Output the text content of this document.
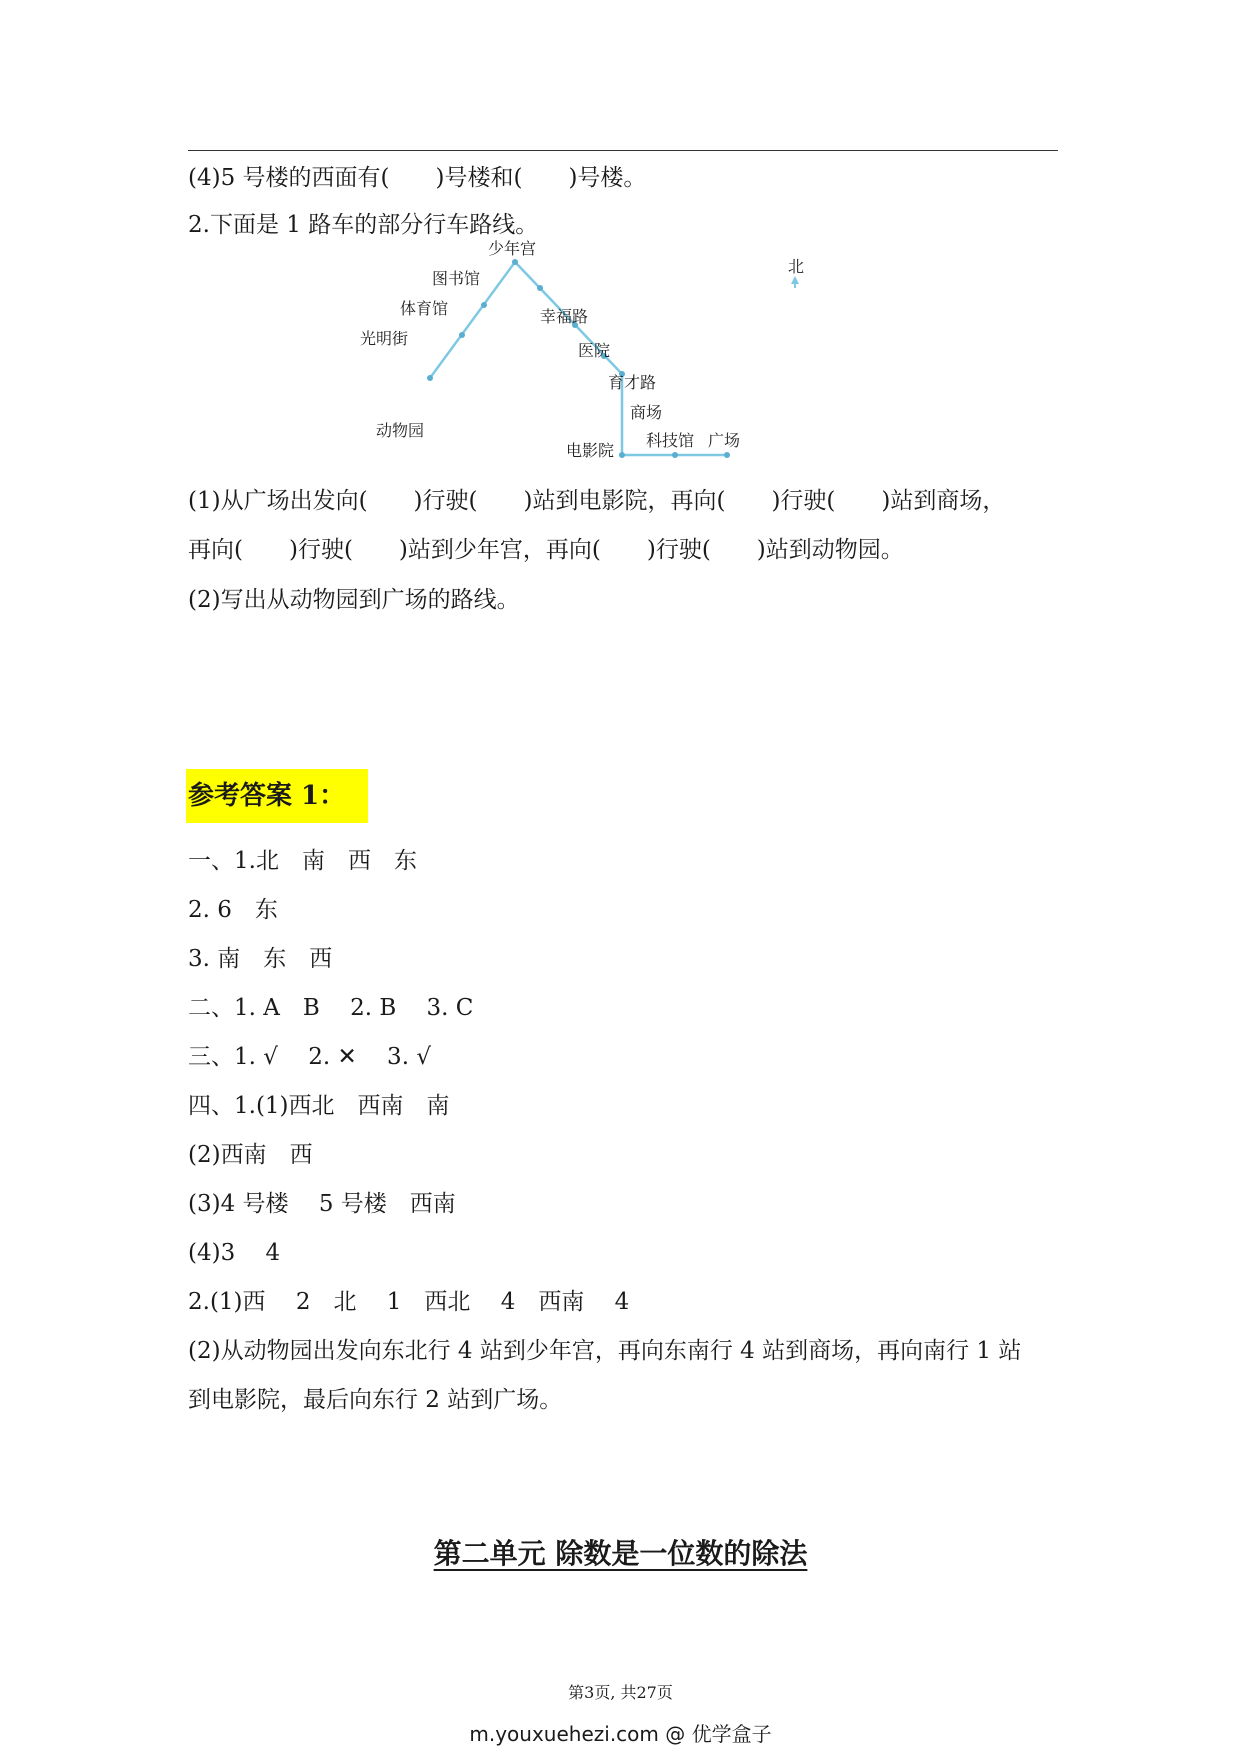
(4)5 号楼的西面有(　　)号楼和(　　)号楼。
2.下面是 1 路车的部分行车路线。
北
少年宫
图书馆
体育馆
光明街
动物园
幸福路
医院
育才路
商场
电影院
科技馆 广场
(1)从广场出发向(　　)行驶(　　)站到电影院，再向(　　)行驶(　　)站到商场，
再向(　　)行驶(　　)站到少年宫，再向(　　)行驶(　　)站到动物园。
(2)写出从动物园到广场的路线。
参考答案 1：
一、1.北　南　西　东
2. 6　东
3. 南　东　西
二、1. A　B　 2. B　 3. C
三、1. √　 2. ✕　 3. √
四、1.(1)西北　西南　南
(2)西南　西
(3)4 号楼　 5 号楼　西南
(4)3　 4
2.(1)西　 2　北　 1　西北　 4　西南　 4
(2)从动物园出发向东北行 4 站到少年宫，再向东南行 4 站到商场，再向南行 1 站
到电影院，最后向东行 2 站到广场。
第二单元 除数是一位数的除法
第3页, 共27页
m.youxuehezi.com @ 优学盒子
